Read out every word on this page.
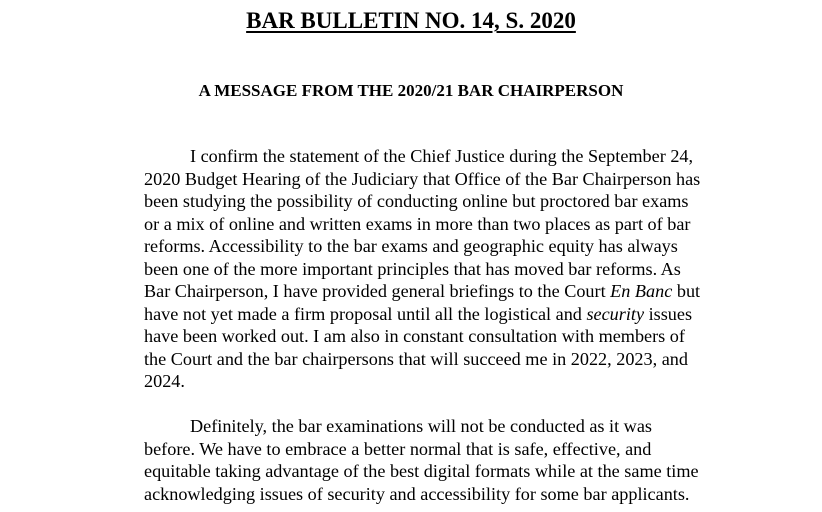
BAR BULLETIN NO. 14, S. 2020
A MESSAGE FROM THE 2020/21 BAR CHAIRPERSON

I confirm the statement of the Chief Justice during the September 24,
2020 Budget Hearing of the Judiciary that Office of the Bar Chairperson has
been studying the possibility of conducting online but proctored bar exams
or a mix of online and written exams in more than two places as part of bar
reforms. Accessibility to the bar exams and geographic equity has always
been one of the more important principles that has moved bar reforms. As
Bar Chairperson, I have provided general briefings to the Court En Banc but
have not yet made a firm proposal until all the logistical and security issues
have been worked out. I am also in constant consultation with members of
the Court and the bar chairpersons that will succeed me in 2022, 2023, and
2024.

Definitely, the bar examinations will not be conducted as it was
before. We have to embrace a better normal that is safe, effective, and
equitable taking advantage of the best digital formats while at the same time
acknowledging issues of security and accessibility for some bar applicants.
